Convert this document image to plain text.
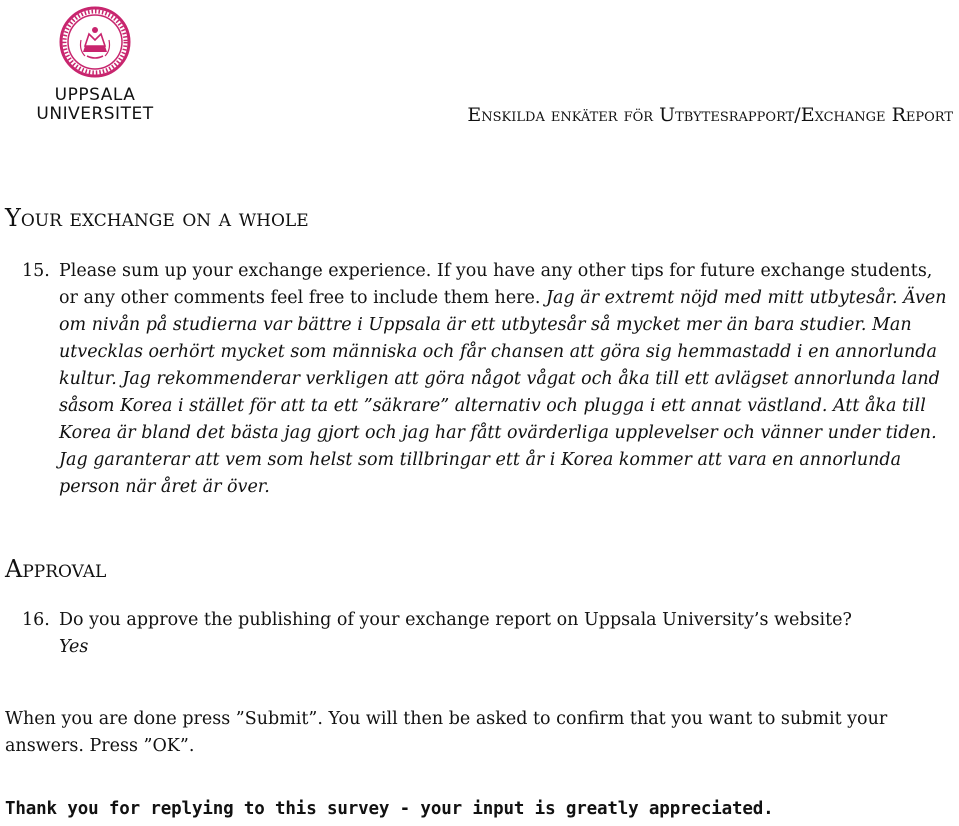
UPPSALA
UNIVERSITET	Enskilda enkäter för Utbytesrapport/Exchange Report
Your exchange on a whole
15. Please sum up your exchange experience. If you have any other tips for future exchange students, or any other comments feel free to include them here. Jag är extremt nöjd med mitt utbytesår. Även om nivån på studierna var bättre i Uppsala är ett utbytesår så mycket mer än bara studier. Man utvecklas oerhört mycket som människa och får chansen att göra sig hemmastadd i en annorlunda kultur. Jag rekommenderar verkligen att göra något vågat och åka till ett avlägset annorlunda land såsom Korea i stället för att ta ett ”säkrare” alternativ och plugga i ett annat västland. Att åka till Korea är bland det bästa jag gjort och jag har fått ovärderliga upplevelser och vänner under tiden. Jag garanterar att vem som helst som tillbringar ett år i Korea kommer att vara en annorlunda person när året är över.
Approval
16. Do you approve the publishing of your exchange report on Uppsala University’s website?
Yes
When you are done press ”Submit”. You will then be asked to confirm that you want to submit your answers. Press ”OK”.
Thank you for replying to this survey - your input is greatly appreciated.
